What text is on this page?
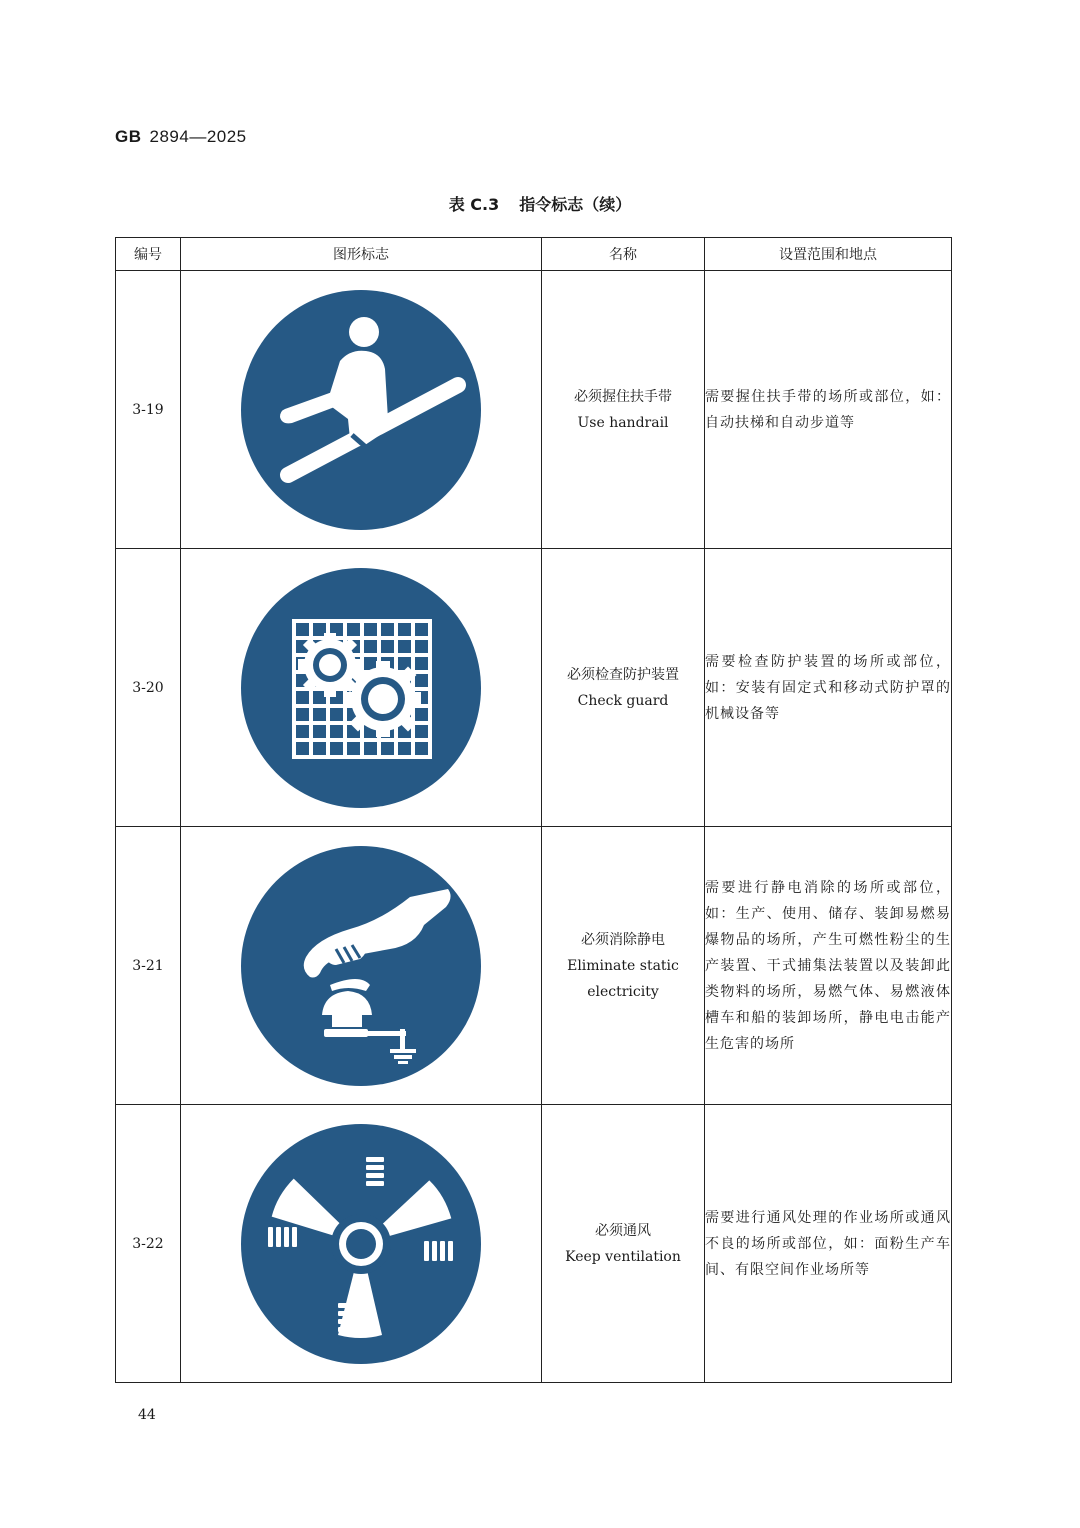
GB 2894—2025
表 C.3 指令标志（续）
编号	图形标志	名称	设置范围和地点
3-19		必须握住扶手带
Use handrail	需要握住扶手带的场所或部位，如：自动扶梯和自动步道等
3-20		必须检查防护装置
Check guard	需要检查防护装置的场所或部位，如：安装有固定式和移动式防护罩的机械设备等
3-21		必须消除静电
Eliminate static electricity	需要进行静电消除的场所或部位，如：生产、使用、储存、装卸易燃易爆物品的场所，产生可燃性粉尘的生产装置、干式捕集法装置以及装卸此类物料的场所，易燃气体、易燃液体槽车和船的装卸场所，静电电击能产生危害的场所
3-22		必须通风
Keep ventilation	需要进行通风处理的作业场所或通风不良的场所或部位，如：面粉生产车间、有限空间作业场所等
44
